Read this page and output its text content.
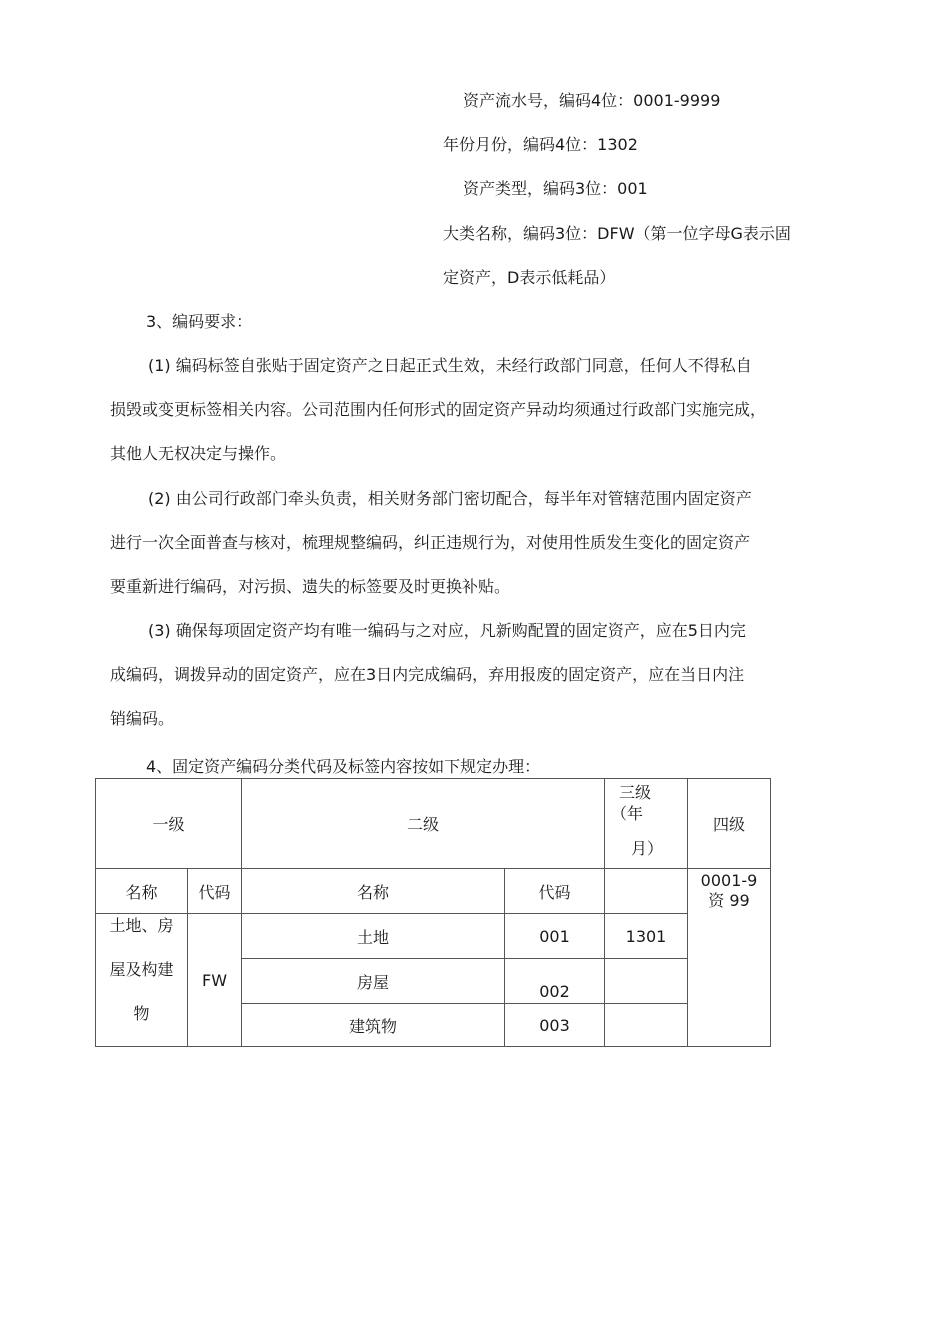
资产流水号，编码4位：0001-9999
年份月份，编码4位：1302
资产类型，编码3位：001
大类名称，编码3位：DFW（第一位字母G表示固
定资产，D表示低耗品）
3、编码要求：

(1) 编码标签自张贴于固定资产之日起正式生效，未经行政部门同意，任何人不得私自

损毁或变更标签相关内容。公司范围内任何形式的固定资产异动均须通过行政部门实施完成，

其他人无权决定与操作。

(2) 由公司行政部门牵头负责，相关财务部门密切配合，每半年对管辖范围内固定资产

进行一次全面普查与核对，梳理规整编码，纠正违规行为，对使用性质发生变化的固定资产

要重新进行编码，对污损、遗失的标签要及时更换补贴。

(3) 确保每项固定资产均有唯一编码与之对应，凡新购配置的固定资产，应在5日内完

成编码，调拨异动的固定资产，应在3日内完成编码，弃用报废的固定资产，应在当日内注

销编码。

4、固定资产编码分类代码及标签内容按如下规定办理：
一级		二级		三级
（年
月）	四级
名称	代码	名称	代码		0001-9
资 99

土地、房
屋及构建
物	FW	土地	001	1301	
		房屋	002		
		建筑物	003		
